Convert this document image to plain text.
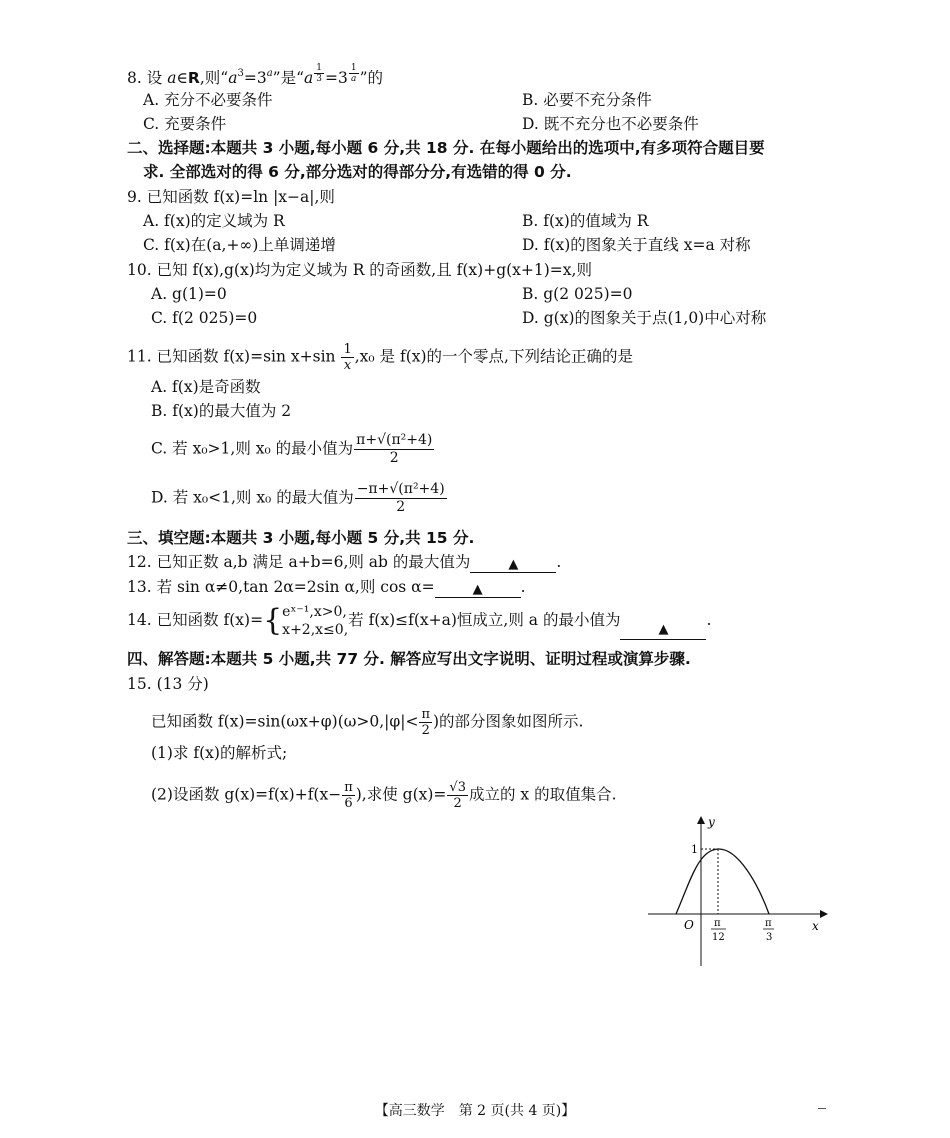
8. 设 a∈R,则“$a^3=3^a$”是“a $^{\frac{1}{3}}$ =3 $^{\frac{1}{a}}$ ”的
A. 充分不必要条件	B. 必要不充分条件
C. 充要条件	D. 既不充分也不必要条件
二、选择题:本题共 3 小题,每小题 6 分,共 18 分. 在每小题给出的选项中,有多项符合题目要
求. 全部选对的得 6 分,部分选对的得部分分,有选错的得 0 分.
9. 已知函数 f(x)=ln |x−a|,则
A. f(x)的定义域为 R	B. f(x)的值域为 R
C. f(x)在(a,+∞)上单调递增	D. f(x)的图象关于直线 x=a 对称
10. 已知 f(x),g(x)均为定义域为 R 的奇函数,且 f(x)+g(x+1)=x,则
A. g(1)=0	B. g(2 025)=0
C. f(2 025)=0	D. g(x)的图象关于点(1,0)中心对称
11. 已知函数 f(x)=sin $x+\sin \frac{1}{x} ,x_0$ 是 f(x)的一个零点,下列结论正确的是
A. f(x)是奇函数
B. f(x)的最大值为 2
C. 若 x₀>1,则 x₀ 的最小值为 $\frac{\text{π+√(π²+4)}}{2}$
D. 若 x₀<1,则 x₀ 的最大值为 $\frac{\text{−π+√(π²+4)}}{2}$
三、填空题:本题共 3 小题,每小题 5 分,共 15 分.
12. 已知正数 a,b 满足 a+b=6,则 ab 的最大值为	▲ .
13. 若 sin α≠0,tan 2α=2sin α,则 cos α=	▲ .
14. 已知函数 f(x)={ eˣ⁻¹,x>0,
x+2,x≤0,
若 f(x)≤f(x+a)恒成立,则 a 的最小值为▲.
四、解答题:本题共 5 小题,共 77 分. 解答应写出文字说明、证明过程或演算步骤.
15. (13 分)
已知函数 $f(x)=\sin(\omega x+\varphi)(\omega>0,|\varphi|< \frac{\pi}{2}$ )的部分图象如图所示.
(1)求 f(x)的解析式;
(2)设函数 $g(x)=f(x)+f(x- \frac{\pi}{6}$ ),求使 $g(x)= \frac{√3}{2}$ 成立的 x 的取值集合.
y
x
O
1
π
12
π
3
【高三数学　第 2 页(共 4 页)】
